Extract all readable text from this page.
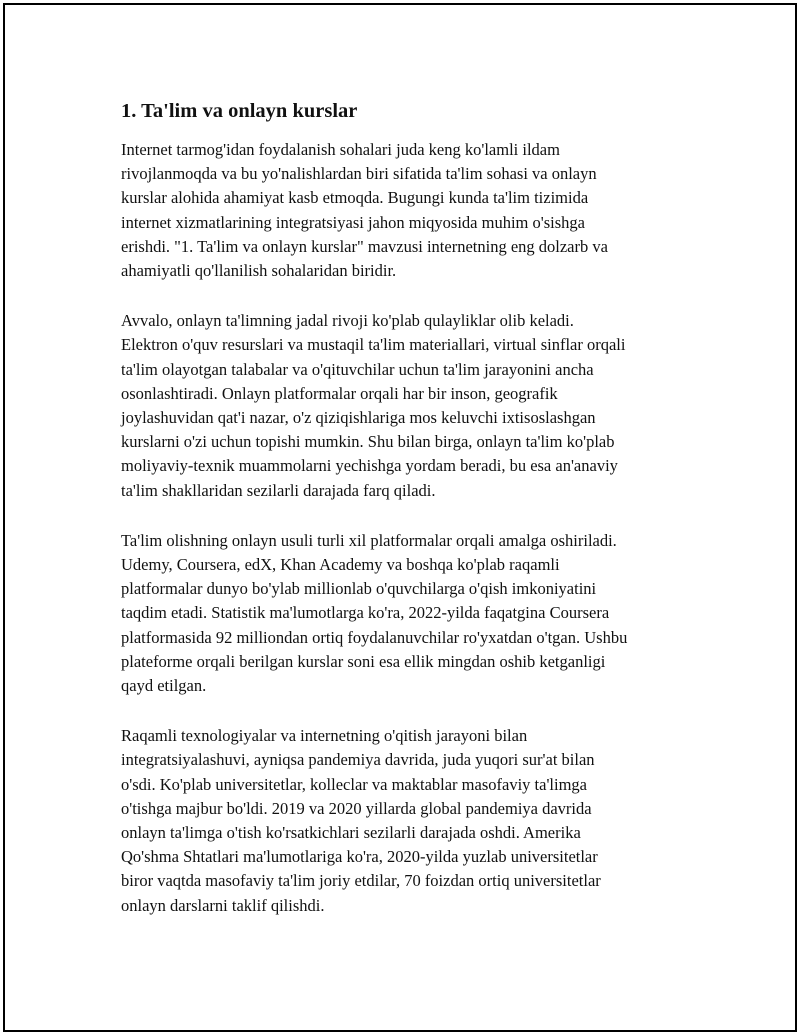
1. Ta'lim va onlayn kurslar

Internet tarmog'idan foydalanish sohalari juda keng ko'lamli ildam
rivojlanmoqda va bu yo'nalishlardan biri sifatida ta'lim sohasi va onlayn
kurslar alohida ahamiyat kasb etmoqda. Bugungi kunda ta'lim tizimida
internet xizmatlarining integratsiyasi jahon miqyosida muhim o'sishga
erishdi. "1. Ta'lim va onlayn kurslar" mavzusi internetning eng dolzarb va
ahamiyatli qo'llanilish sohalaridan biridir.

Avvalo, onlayn ta'limning jadal rivoji ko'plab qulayliklar olib keladi.
Elektron o'quv resurslari va mustaqil ta'lim materiallari, virtual sinflar orqali
ta'lim olayotgan talabalar va o'qituvchilar uchun ta'lim jarayonini ancha
osonlashtiradi. Onlayn platformalar orqali har bir inson, geografik
joylashuvidan qat'i nazar, o'z qiziqishlariga mos keluvchi ixtisoslashgan
kurslarni o'zi uchun topishi mumkin. Shu bilan birga, onlayn ta'lim ko'plab
moliyaviy-texnik muammolarni yechishga yordam beradi, bu esa an'anaviy
ta'lim shakllaridan sezilarli darajada farq qiladi.

Ta'lim olishning onlayn usuli turli xil platformalar orqali amalga oshiriladi.
Udemy, Coursera, edX, Khan Academy va boshqa ko'plab raqamli
platformalar dunyo bo'ylab millionlab o'quvchilarga o'qish imkoniyatini
taqdim etadi. Statistik ma'lumotlarga ko'ra, 2022-yilda faqatgina Coursera
platformasida 92 milliondan ortiq foydalanuvchilar ro'yxatdan o'tgan. Ushbu
plateforme orqali berilgan kurslar soni esa ellik mingdan oshib ketganligi
qayd etilgan.

Raqamli texnologiyalar va internetning o'qitish jarayoni bilan
integratsiyalashuvi, ayniqsa pandemiya davrida, juda yuqori sur'at bilan
o'sdi. Ko'plab universitetlar, kolleclar va maktablar masofaviy ta'limga
o'tishga majbur bo'ldi. 2019 va 2020 yillarda global pandemiya davrida
onlayn ta'limga o'tish ko'rsatkichlari sezilarli darajada oshdi. Amerika
Qo'shma Shtatlari ma'lumotlariga ko'ra, 2020-yilda yuzlab universitetlar
biror vaqtda masofaviy ta'lim joriy etdilar, 70 foizdan ortiq universitetlar
onlayn darslarni taklif qilishdi.
